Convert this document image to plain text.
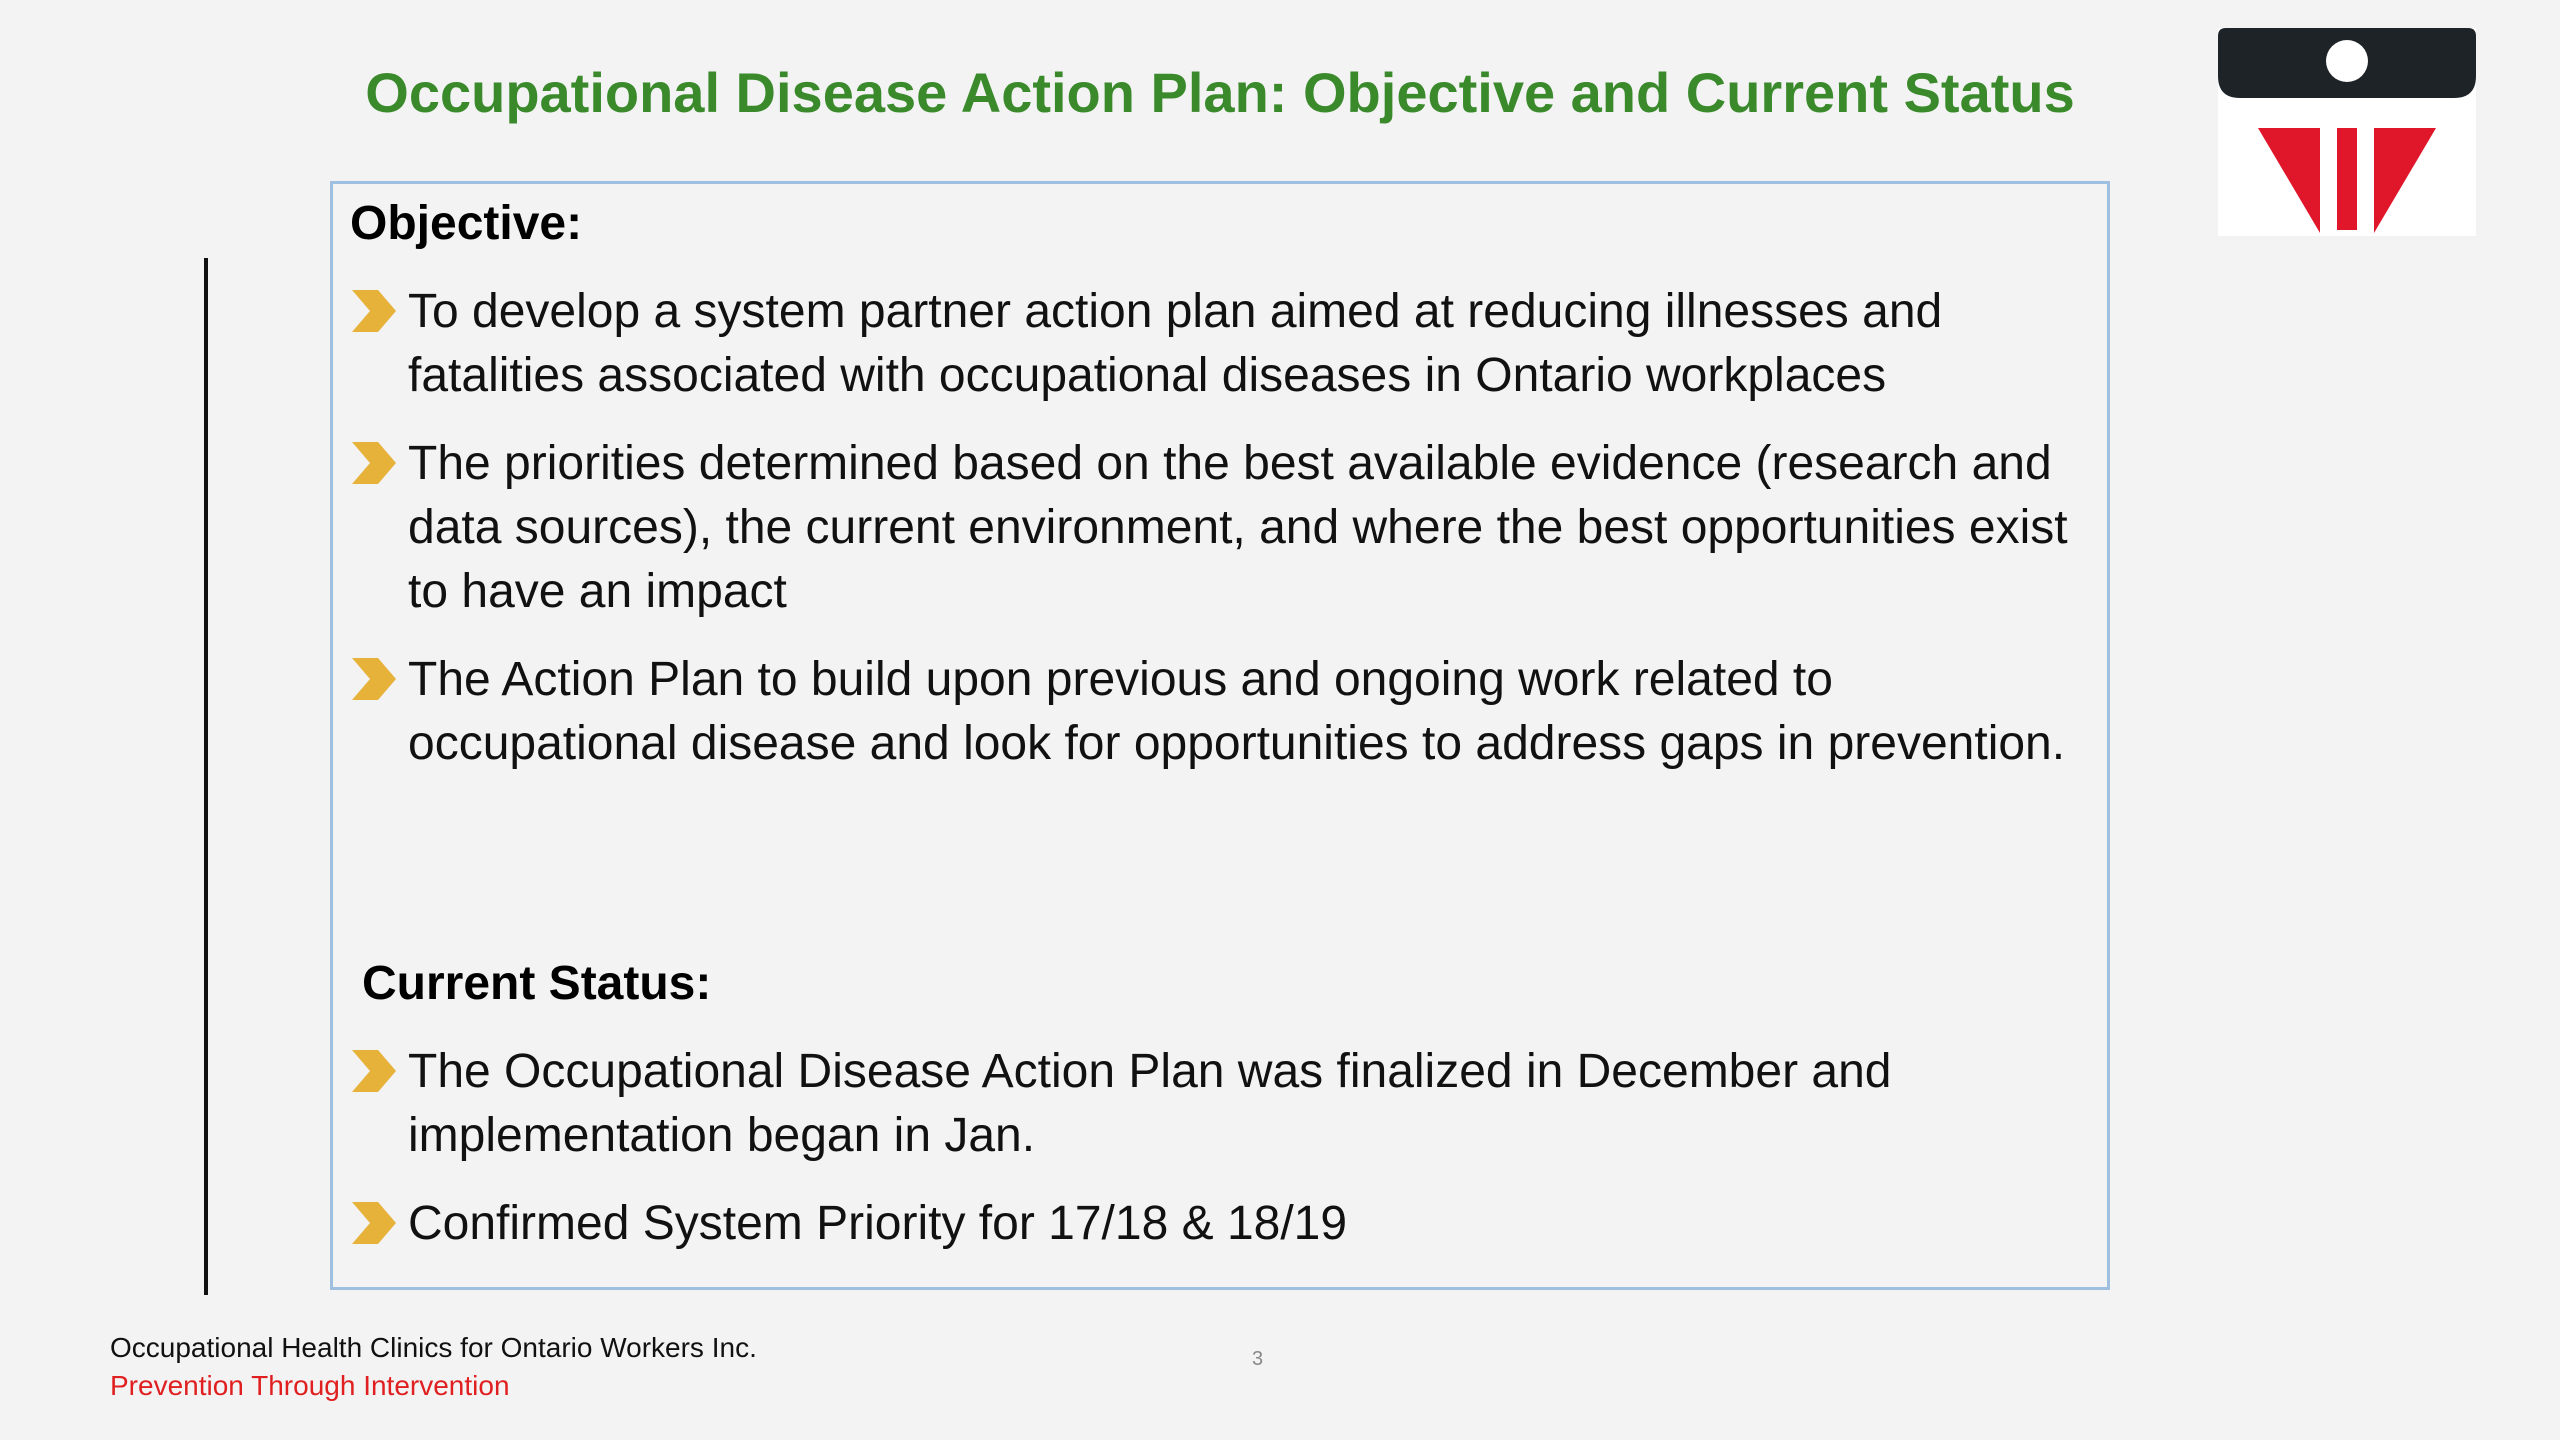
Occupational Disease Action Plan: Objective and Current Status
Objective:
To develop a system partner action plan aimed at reducing illnesses and fatalities associated with occupational diseases in Ontario workplaces
The priorities determined based on the best available evidence (research and data sources), the current environment, and where the best opportunities exist to have an impact
The Action Plan to build upon previous and ongoing work related to occupational disease and look for opportunities to address gaps in prevention.
Current Status:
The Occupational Disease Action Plan was finalized in December and implementation began in Jan.
Confirmed System Priority for 17/18 & 18/19
Occupational Health Clinics for Ontario Workers Inc.
Prevention Through Intervention
3
